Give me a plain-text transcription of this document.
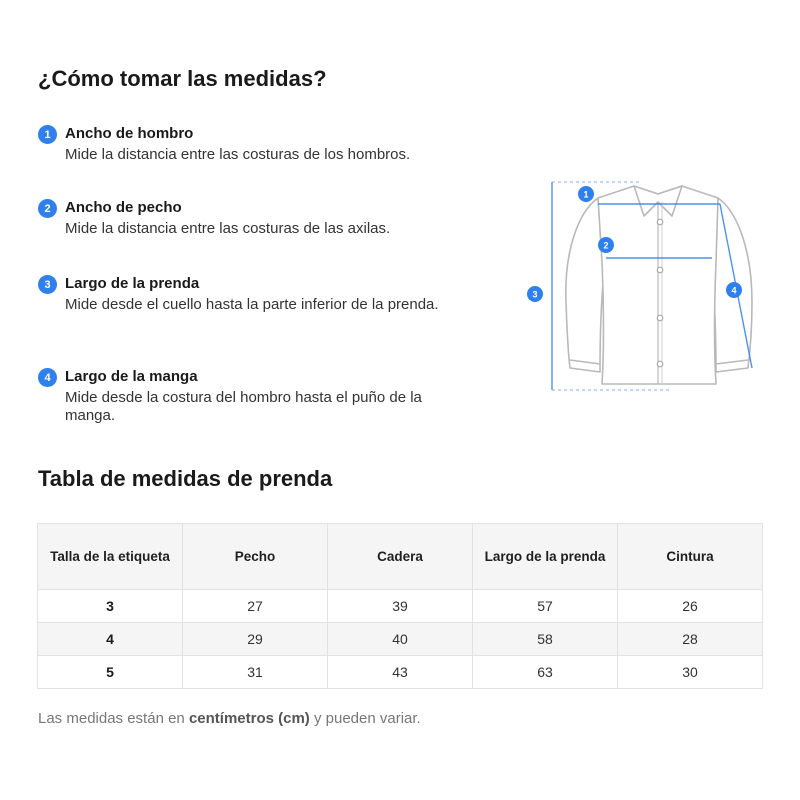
¿Cómo tomar las medidas?
1 Ancho de hombro
Mide la distancia entre las costuras de los hombros.
2 Ancho de pecho
Mide la distancia entre las costuras de las axilas.
3 Largo de la prenda
Mide desde el cuello hasta la parte inferior de la prenda.
4 Largo de la manga
Mide desde la costura del hombro hasta el puño de la manga.
1
2
3	4
Tabla de medidas de prenda
Talla de la etiqueta	Pecho	Cadera	Largo de la prenda	Cintura
3	27	39	57	26
4	29	40	58	28
5	31	43	63	30
Las medidas están en centímetros (cm) y pueden variar.
